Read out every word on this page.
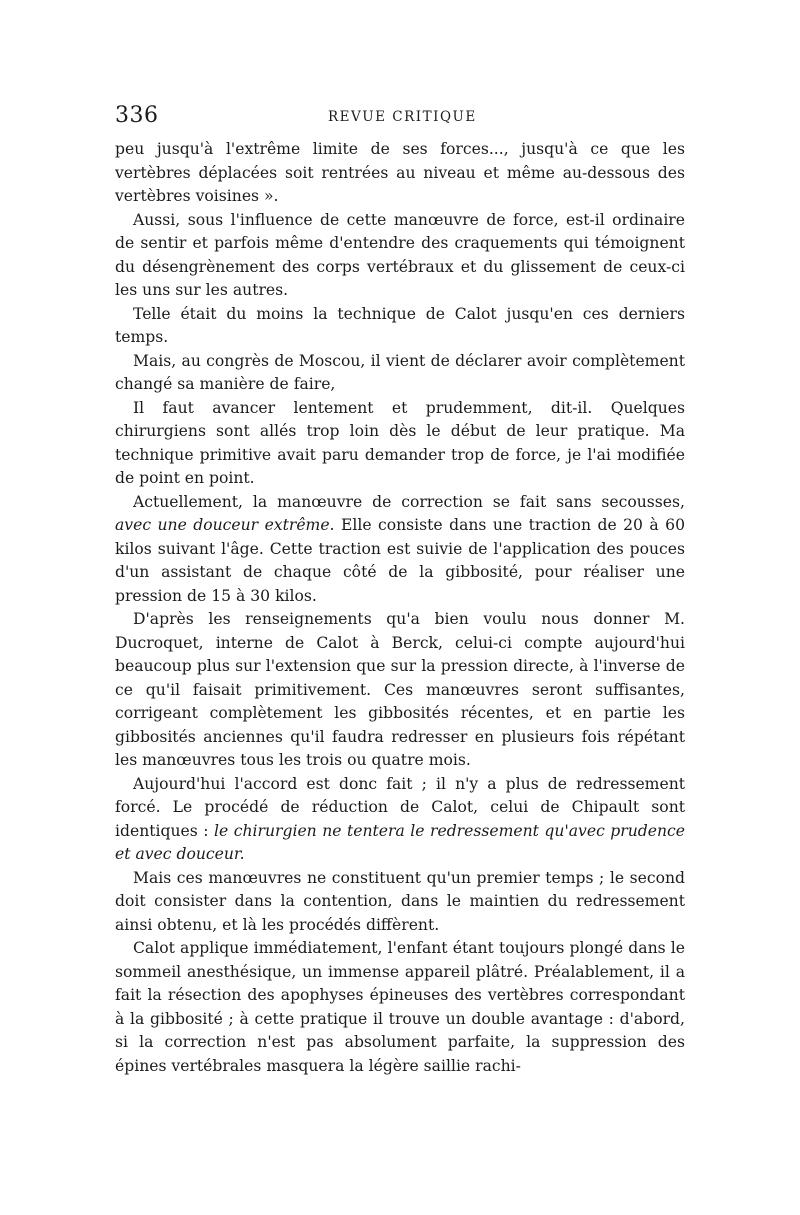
336	REVUE CRITIQUE

peu jusqu'à l'extrême limite de ses forces..., jusqu'à ce que les vertèbres déplacées soit rentrées au niveau et même au-dessous des vertèbres voisines ».

Aussi, sous l'influence de cette manœuvre de force, est-il ordinaire de sentir et parfois même d'entendre des craquements qui témoignent du désengrènement des corps vertébraux et du glissement de ceux-ci les uns sur les autres.

Telle était du moins la technique de Calot jusqu'en ces derniers temps.

Mais, au congrès de Moscou, il vient de déclarer avoir complètement changé sa manière de faire,

Il faut avancer lentement et prudemment, dit-il. Quelques chirurgiens sont allés trop loin dès le début de leur pratique. Ma technique primitive avait paru demander trop de force, je l'ai modifiée de point en point.

Actuellement, la manœuvre de correction se fait sans secousses, avec une douceur extrême. Elle consiste dans une traction de 20 à 60 kilos suivant l'âge. Cette traction est suivie de l'application des pouces d'un assistant de chaque côté de la gibbosité, pour réaliser une pression de 15 à 30 kilos.

D'après les renseignements qu'a bien voulu nous donner M. Ducroquet, interne de Calot à Berck, celui-ci compte aujourd'hui beaucoup plus sur l'extension que sur la pression directe, à l'inverse de ce qu'il faisait primitivement. Ces manœuvres seront suffisantes, corrigeant complètement les gibbosités récentes, et en partie les gibbosités anciennes qu'il faudra redresser en plusieurs fois répétant les manœuvres tous les trois ou quatre mois.

Aujourd'hui l'accord est donc fait ; il n'y a plus de redressement forcé. Le procédé de réduction de Calot, celui de Chipault sont identiques : le chirurgien ne tentera le redressement qu'avec prudence et avec douceur.

Mais ces manœuvres ne constituent qu'un premier temps ; le second doit consister dans la contention, dans le maintien du redressement ainsi obtenu, et là les procédés diffèrent.

Calot applique immédiatement, l'enfant étant toujours plongé dans le sommeil anesthésique, un immense appareil plâtré. Préalablement, il a fait la résection des apophyses épineuses des vertèbres correspondant à la gibbosité ; à cette pratique il trouve un double avantage : d'abord, si la correction n'est pas absolument parfaite, la suppression des épines vertébrales masquera la légère saillie rachi-
